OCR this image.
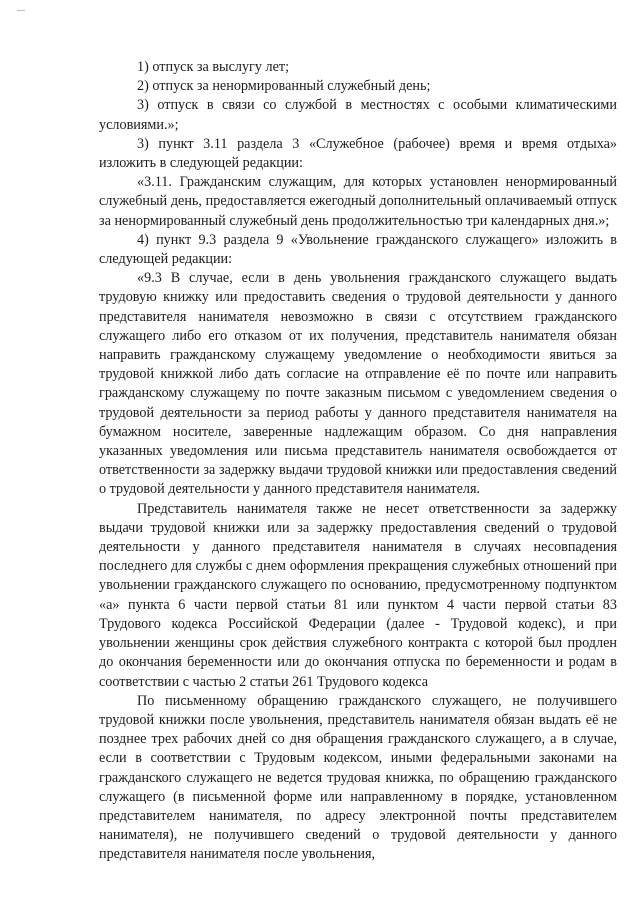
1) отпуск за выслугу лет;

2) отпуск за ненормированный служебный день;

3) отпуск в связи со службой в местностях с особыми климатическими условиями.»;

3) пункт 3.11 раздела 3 «Служебное (рабочее) время и время отдыха» изложить в следующей редакции:

«3.11. Гражданским служащим, для которых установлен ненормированный служебный день, предоставляется ежегодный дополнительный оплачиваемый отпуск за ненормированный служебный день продолжительностью три календарных дня.»;

4) пункт 9.3 раздела 9 «Увольнение гражданского служащего» изложить в следующей редакции:

«9.3 В случае, если в день увольнения гражданского служащего выдать трудовую книжку или предоставить сведения о трудовой деятельности у данного представителя нанимателя невозможно в связи с отсутствием гражданского служащего либо его отказом от их получения, представитель нанимателя обязан направить гражданскому служащему уведомление о необходимости явиться за трудовой книжкой либо дать согласие на отправление её по почте или направить гражданскому служащему по почте заказным письмом с уведомлением сведения о трудовой деятельности за период работы у данного представителя нанимателя на бумажном носителе, заверенные надлежащим образом. Со дня направления указанных уведомления или письма представитель нанимателя освобождается от ответственности за задержку выдачи трудовой книжки или предоставления сведений о трудовой деятельности у данного представителя нанимателя.

Представитель нанимателя также не несет ответственности за задержку выдачи трудовой книжки или за задержку предоставления сведений о трудовой деятельности у данного представителя нанимателя в случаях несовпадения последнего для службы с днем оформления прекращения служебных отношений при увольнении гражданского служащего по основанию, предусмотренному подпунктом «а» пункта 6 части первой статьи 81 или пунктом 4 части первой статьи 83 Трудового кодекса Российской Федерации (далее - Трудовой кодекс), и при увольнении женщины срок действия служебного контракта с которой был продлен до окончания беременности или до окончания отпуска по беременности и родам в соответствии с частью 2 статьи 261 Трудового кодекса

По письменному обращению гражданского служащего, не получившего трудовой книжки после увольнения, представитель нанимателя обязан выдать её не позднее трех рабочих дней со дня обращения гражданского служащего, а в случае, если в соответствии с Трудовым кодексом, иными федеральными законами на гражданского служащего не ведется трудовая книжка, по обращению гражданского служащего (в письменной форме или направленному в порядке, установленном представителем нанимателя, по адресу электронной почты представителем нанимателя), не получившего сведений о трудовой деятельности у данного представителя нанимателя после увольнения,
